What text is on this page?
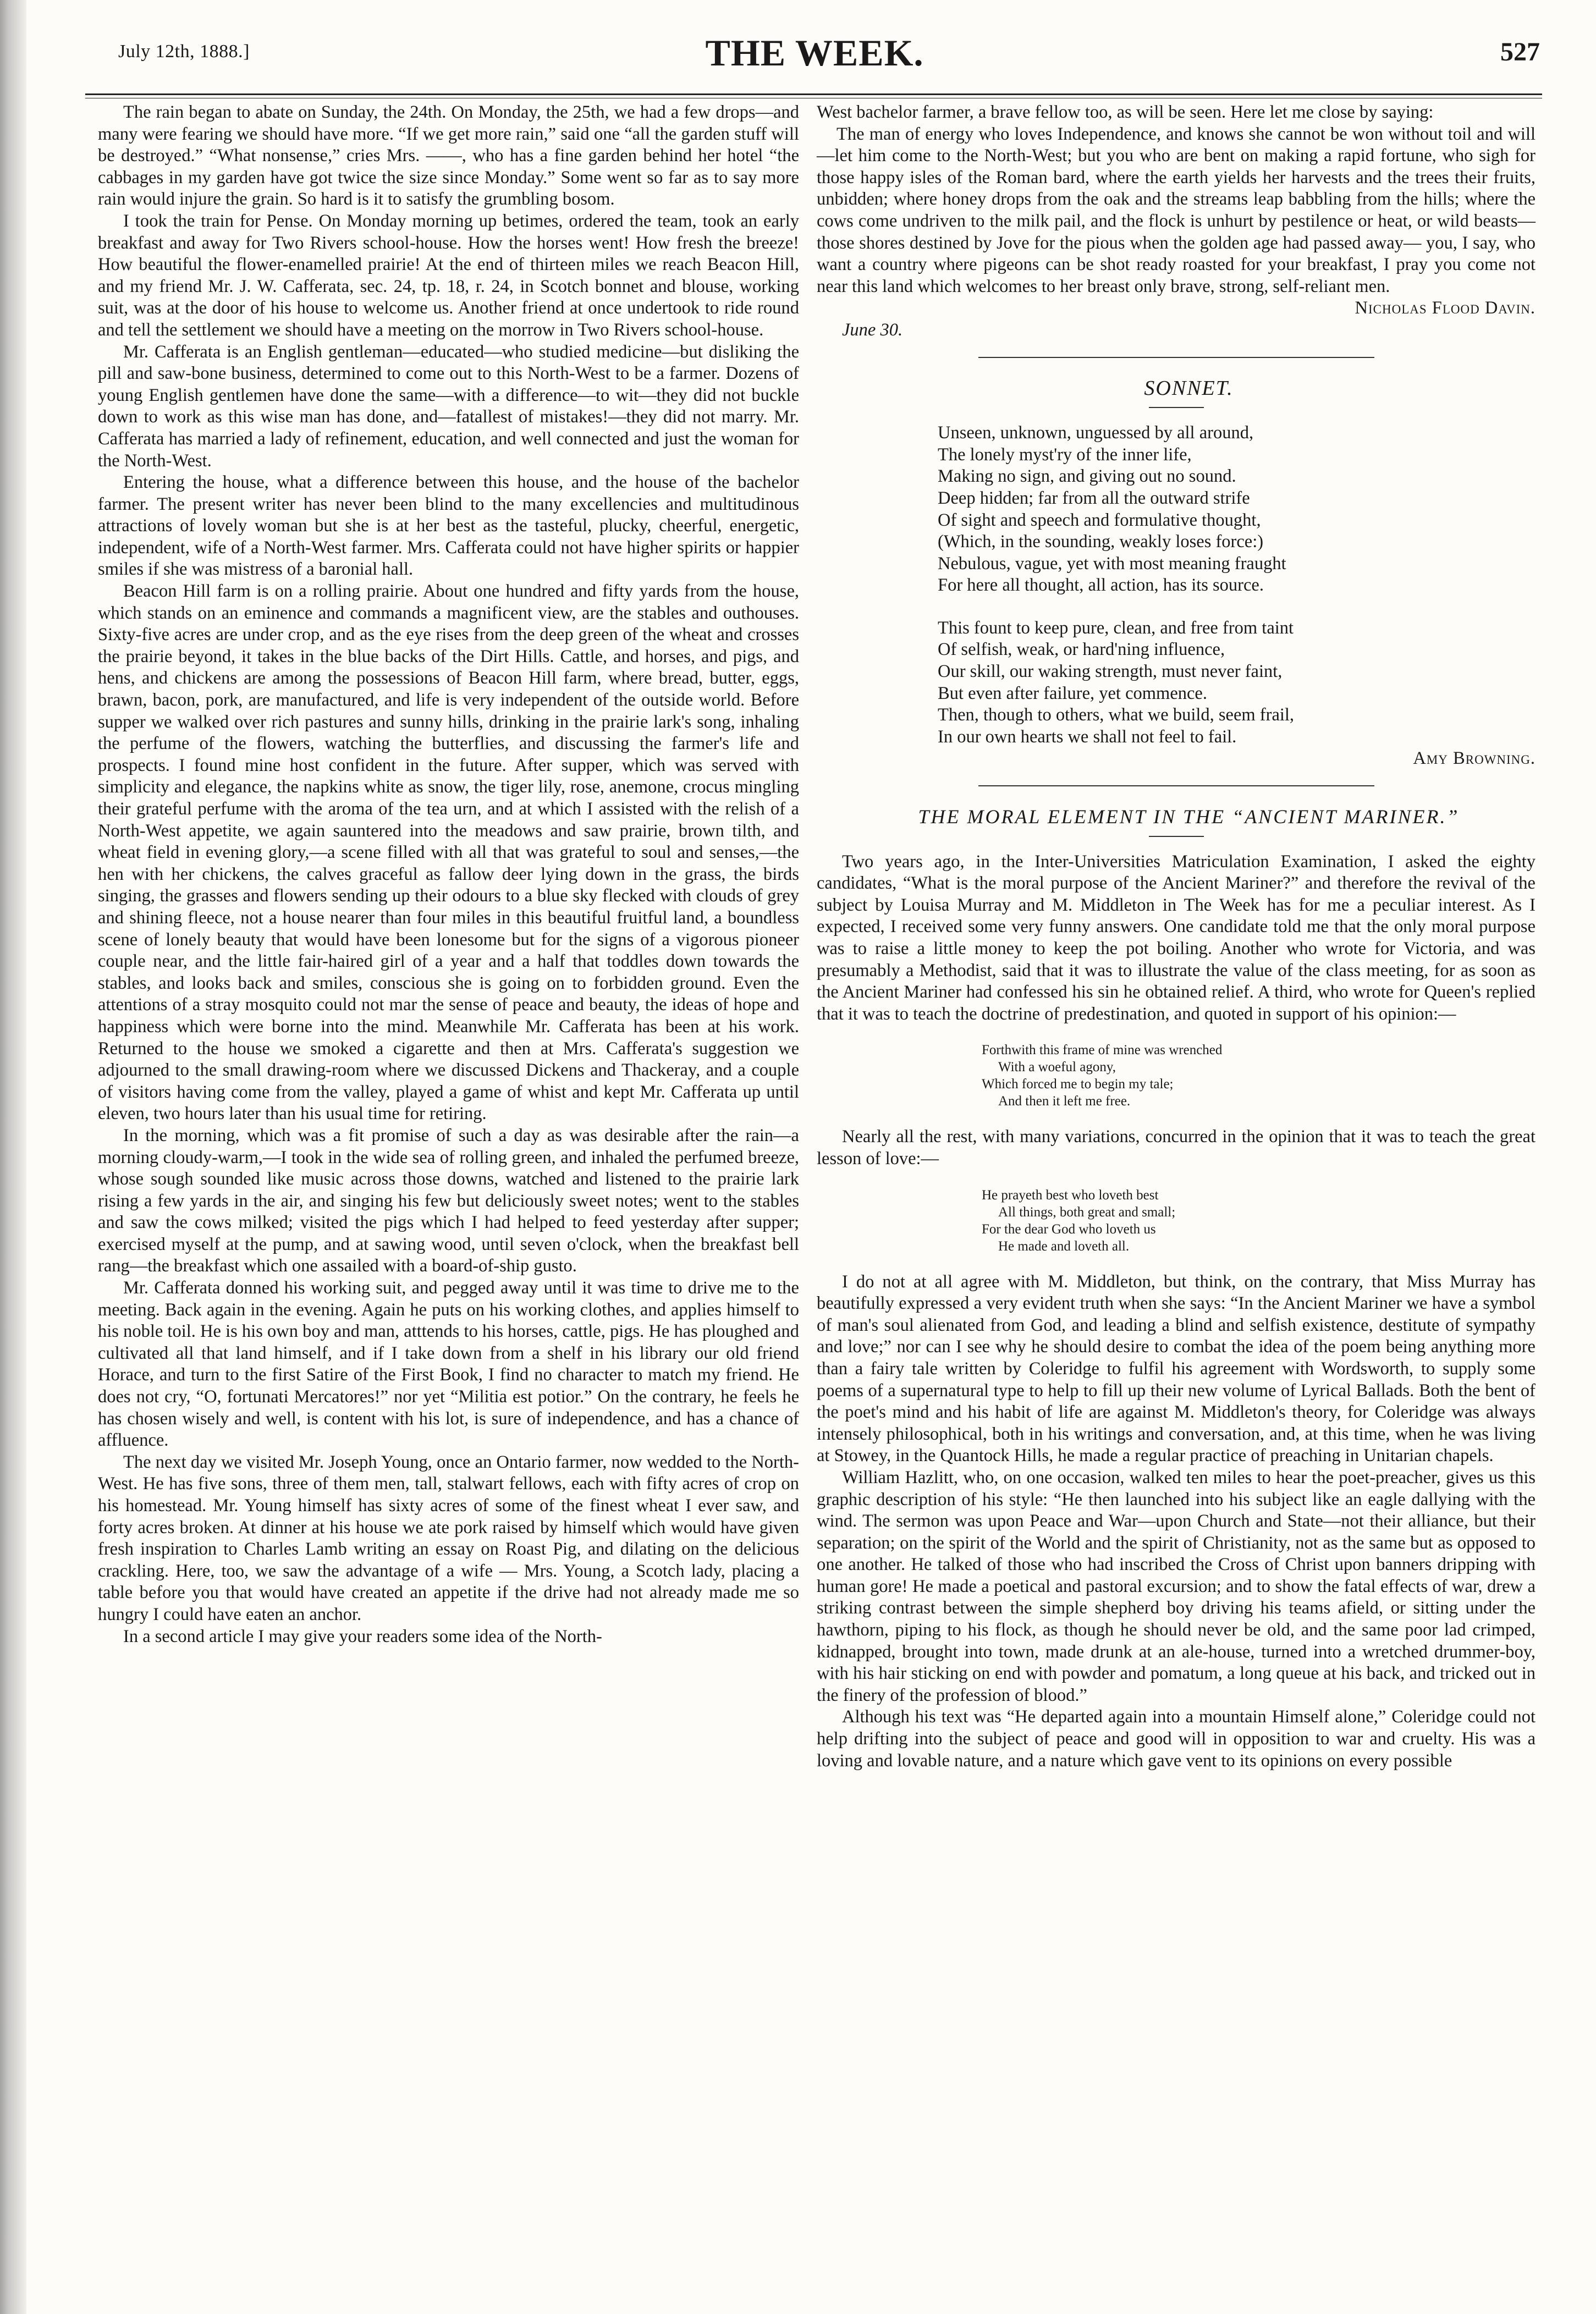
July 12th, 1888.]	THE WEEK.	527

The rain began to abate on Sunday, the 24th. On Monday, the 25th, we had a few drops—and many were fearing we should have more. “If we get more rain,” said one “all the garden stuff will be destroyed.” “What nonsense,” cries Mrs. ——, who has a fine garden behind her hotel “the cabbages in my garden have got twice the size since Monday.” Some went so far as to say more rain would injure the grain. So hard is it to satisfy the grumbling bosom.

I took the train for Pense. On Monday morning up betimes, ordered the team, took an early breakfast and away for Two Rivers school-house. How the horses went! How fresh the breeze! How beautiful the flower-enamelled prairie! At the end of thirteen miles we reach Beacon Hill, and my friend Mr. J. W. Cafferata, sec. 24, tp. 18, r. 24, in Scotch bonnet and blouse, working suit, was at the door of his house to welcome us. Another friend at once undertook to ride round and tell the settlement we should have a meeting on the morrow in Two Rivers school-house.

Mr. Cafferata is an English gentleman—educated—who studied medicine—but disliking the pill and saw-bone business, determined to come out to this North-West to be a farmer. Dozens of young English gentlemen have done the same—with a difference—to wit—they did not buckle down to work as this wise man has done, and—fatallest of mistakes!—they did not marry. Mr. Cafferata has married a lady of refinement, education, and well connected and just the woman for the North-West.

Entering the house, what a difference between this house, and the house of the bachelor farmer. The present writer has never been blind to the many excellencies and multitudinous attractions of lovely woman but she is at her best as the tasteful, plucky, cheerful, energetic, independent, wife of a North-West farmer. Mrs. Cafferata could not have higher spirits or happier smiles if she was mistress of a baronial hall.

Beacon Hill farm is on a rolling prairie. About one hundred and fifty yards from the house, which stands on an eminence and commands a magnificent view, are the stables and outhouses. Sixty-five acres are under crop, and as the eye rises from the deep green of the wheat and crosses the prairie beyond, it takes in the blue backs of the Dirt Hills. Cattle, and horses, and pigs, and hens, and chickens are among the possessions of Beacon Hill farm, where bread, butter, eggs, brawn, bacon, pork, are manufactured, and life is very independent of the outside world. Before supper we walked over rich pastures and sunny hills, drinking in the prairie lark's song, inhaling the perfume of the flowers, watching the butterflies, and discussing the farmer's life and prospects. I found mine host confident in the future. After supper, which was served with simplicity and elegance, the napkins white as snow, the tiger lily, rose, anemone, crocus mingling their grateful perfume with the aroma of the tea urn, and at which I assisted with the relish of a North-West appetite, we again sauntered into the meadows and saw prairie, brown tilth, and wheat field in evening glory,—a scene filled with all that was grateful to soul and senses,—the hen with her chickens, the calves graceful as fallow deer lying down in the grass, the birds singing, the grasses and flowers sending up their odours to a blue sky flecked with clouds of grey and shining fleece, not a house nearer than four miles in this beautiful fruitful land, a boundless scene of lonely beauty that would have been lonesome but for the signs of a vigorous pioneer couple near, and the little fair-haired girl of a year and a half that toddles down towards the stables, and looks back and smiles, conscious she is going on to forbidden ground. Even the attentions of a stray mosquito could not mar the sense of peace and beauty, the ideas of hope and happiness which were borne into the mind. Meanwhile Mr. Cafferata has been at his work. Returned to the house we smoked a cigarette and then at Mrs. Cafferata's suggestion we adjourned to the small drawing-room where we discussed Dickens and Thackeray, and a couple of visitors having come from the valley, played a game of whist and kept Mr. Cafferata up until eleven, two hours later than his usual time for retiring.

In the morning, which was a fit promise of such a day as was desirable after the rain—a morning cloudy-warm,—I took in the wide sea of rolling green, and inhaled the perfumed breeze, whose sough sounded like music across those downs, watched and listened to the prairie lark rising a few yards in the air, and singing his few but deliciously sweet notes; went to the stables and saw the cows milked; visited the pigs which I had helped to feed yesterday after supper; exercised myself at the pump, and at sawing wood, until seven o'clock, when the breakfast bell rang—the breakfast which one assailed with a board-of-ship gusto.

Mr. Cafferata donned his working suit, and pegged away until it was time to drive me to the meeting. Back again in the evening. Again he puts on his working clothes, and applies himself to his noble toil. He is his own boy and man, atttends to his horses, cattle, pigs. He has ploughed and cultivated all that land himself, and if I take down from a shelf in his library our old friend Horace, and turn to the first Satire of the First Book, I find no character to match my friend. He does not cry, “O, fortunati Mercatores!” nor yet “Militia est potior.” On the contrary, he feels he has chosen wisely and well, is content with his lot, is sure of independence, and has a chance of affluence.

The next day we visited Mr. Joseph Young, once an Ontario farmer, now wedded to the North-West. He has five sons, three of them men, tall, stalwart fellows, each with fifty acres of crop on his homestead. Mr. Young himself has sixty acres of some of the finest wheat I ever saw, and forty acres broken. At dinner at his house we ate pork raised by himself which would have given fresh inspiration to Charles Lamb writing an essay on Roast Pig, and dilating on the delicious crackling. Here, too, we saw the advantage of a wife — Mrs. Young, a Scotch lady, placing a table before you that would have created an appetite if the drive had not already made me so hungry I could have eaten an anchor.

In a second article I may give your readers some idea of the North-

West bachelor farmer, a brave fellow too, as will be seen. Here let me close by saying:

The man of energy who loves Independence, and knows she cannot be won without toil and will—let him come to the North-West; but you who are bent on making a rapid fortune, who sigh for those happy isles of the Roman bard, where the earth yields her harvests and the trees their fruits, unbidden; where honey drops from the oak and the streams leap babbling from the hills; where the cows come undriven to the milk pail, and the flock is unhurt by pestilence or heat, or wild beasts—those shores destined by Jove for the pious when the golden age had passed away— you, I say, who want a country where pigeons can be shot ready roasted for your breakfast, I pray you come not near this land which welcomes to her breast only brave, strong, self-reliant men.

Nicholas Flood Davin.

June 30.

SONNET.

Unseen, unknown, unguessed by all around,
The lonely myst'ry of the inner life,
Making no sign, and giving out no sound.
Deep hidden; far from all the outward strife
Of sight and speech and formulative thought,
(Which, in the sounding, weakly loses force:)
Nebulous, vague, yet with most meaning fraught
For here all thought, all action, has its source.
This fount to keep pure, clean, and free from taint
Of selfish, weak, or hard'ning influence,
Our skill, our waking strength, must never faint,
But even after failure, yet commence.
Then, though to others, what we build, seem frail,
In our own hearts we shall not feel to fail.

Amy Browning.

THE MORAL ELEMENT IN THE “ANCIENT MARINER.”

Two years ago, in the Inter-Universities Matriculation Examination, I asked the eighty candidates, “What is the moral purpose of the Ancient Mariner?” and therefore the revival of the subject by Louisa Murray and M. Middleton in The Week has for me a peculiar interest. As I expected, I received some very funny answers. One candidate told me that the only moral purpose was to raise a little money to keep the pot boiling. Another who wrote for Victoria, and was presumably a Methodist, said that it was to illustrate the value of the class meeting, for as soon as the Ancient Mariner had confessed his sin he obtained relief. A third, who wrote for Queen's replied that it was to teach the doctrine of predestination, and quoted in support of his opinion:—

Forthwith this frame of mine was wrenched
With a woeful agony,
Which forced me to begin my tale;
And then it left me free.

Nearly all the rest, with many variations, concurred in the opinion that it was to teach the great lesson of love:—

He prayeth best who loveth best
All things, both great and small;
For the dear God who loveth us
He made and loveth all.

I do not at all agree with M. Middleton, but think, on the contrary, that Miss Murray has beautifully expressed a very evident truth when she says: “In the Ancient Mariner we have a symbol of man's soul alienated from God, and leading a blind and selfish existence, destitute of sympathy and love;” nor can I see why he should desire to combat the idea of the poem being anything more than a fairy tale written by Coleridge to fulfil his agreement with Wordsworth, to supply some poems of a supernatural type to help to fill up their new volume of Lyrical Ballads. Both the bent of the poet's mind and his habit of life are against M. Middleton's theory, for Coleridge was always intensely philosophical, both in his writings and conversation, and, at this time, when he was living at Stowey, in the Quantock Hills, he made a regular practice of preaching in Unitarian chapels.

William Hazlitt, who, on one occasion, walked ten miles to hear the poet-preacher, gives us this graphic description of his style: “He then launched into his subject like an eagle dallying with the wind. The sermon was upon Peace and War—upon Church and State—not their alliance, but their separation; on the spirit of the World and the spirit of Christianity, not as the same but as opposed to one another. He talked of those who had inscribed the Cross of Christ upon banners dripping with human gore! He made a poetical and pastoral excursion; and to show the fatal effects of war, drew a striking contrast between the simple shepherd boy driving his teams afield, or sitting under the hawthorn, piping to his flock, as though he should never be old, and the same poor lad crimped, kidnapped, brought into town, made drunk at an ale-house, turned into a wretched drummer-boy, with his hair sticking on end with powder and pomatum, a long queue at his back, and tricked out in the finery of the profession of blood.”

Although his text was “He departed again into a mountain Himself alone,” Coleridge could not help drifting into the subject of peace and good will in opposition to war and cruelty. His was a loving and lovable nature, and a nature which gave vent to its opinions on every possible
